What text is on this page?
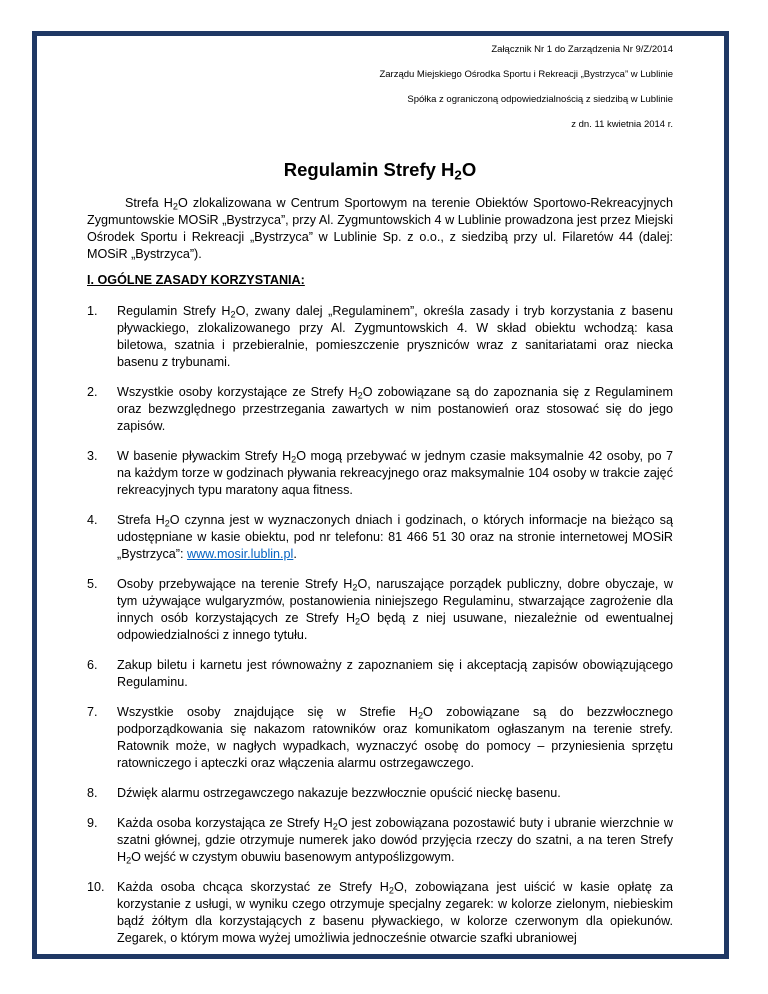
Załącznik Nr 1 do Zarządzenia Nr 9/Z/2014
Zarządu Miejskiego Ośrodka Sportu i Rekreacji „Bystrzyca” w Lublinie
Spółka z ograniczoną odpowiedzialnością z siedzibą w Lublinie
z dn. 11 kwietnia 2014 r.
Regulamin Strefy $H_2O$

Strefa $H_2O$ zlokalizowana w Centrum Sportowym na terenie Obiektów Sportowo-Rekreacyjnych Zygmuntowskie MOSiR „Bystrzyca”, przy Al. Zygmuntowskich 4 w Lublinie prowadzona jest przez Miejski Ośrodek Sportu i Rekreacji „Bystrzyca” w Lublinie Sp. z o.o., z siedzibą przy ul. Filaretów 44 (dalej: MOSiR „Bystrzyca”).

I. OGÓLNE ZASADY KORZYSTANIA:
1.	Regulamin Strefy $H_2O$, zwany dalej „Regulaminem”, określa zasady i tryb korzystania z basenu pływackiego, zlokalizowanego przy Al. Zygmuntowskich 4. W skład obiektu wchodzą: kasa biletowa, szatnia i przebieralnie, pomieszczenie pryszniców wraz z sanitariatami oraz niecka basenu z trybunami.
2.	Wszystkie osoby korzystające ze Strefy $H_2O$ zobowiązane są do zapoznania się z Regulaminem oraz bezwzględnego przestrzegania zawartych w nim postanowień oraz stosować się do jego zapisów.
3.	W basenie pływackim Strefy $H_2O$ mogą przebywać w jednym czasie maksymalnie 42 osoby, po 7 na każdym torze w godzinach pływania rekreacyjnego oraz maksymalnie 104 osoby w trakcie zajęć rekreacyjnych typu maratony aqua fitness.
4.	Strefa $H_2O$ czynna jest w wyznaczonych dniach i godzinach, o których informacje na bieżąco są udostępniane w kasie obiektu, pod nr telefonu: 81 466 51 30 oraz na stronie internetowej MOSiR „Bystrzyca”: www.mosir.lublin.pl.
5.	Osoby przebywające na terenie Strefy $H_2O$, naruszające porządek publiczny, dobre obyczaje, w tym używające wulgaryzmów, postanowienia niniejszego Regulaminu, stwarzające zagrożenie dla innych osób korzystających ze Strefy $H_2O$ będą z niej usuwane, niezależnie od ewentualnej odpowiedzialności z innego tytułu.
6.	Zakup biletu i karnetu jest równoważny z zapoznaniem się i akceptacją zapisów obowiązującego Regulaminu.
7.	Wszystkie osoby znajdujące się w Strefie $H_2O$ zobowiązane są do bezzwłocznego podporządkowania się nakazom ratowników oraz komunikatom ogłaszanym na terenie strefy. Ratownik może, w nagłych wypadkach, wyznaczyć osobę do pomocy – przyniesienia sprzętu ratowniczego i apteczki oraz włączenia alarmu ostrzegawczego.
8.	Dźwięk alarmu ostrzegawczego nakazuje bezzwłocznie opuścić nieckę basenu.
9.	Każda osoba korzystająca ze Strefy $H_2O$ jest zobowiązana pozostawić buty i ubranie wierzchnie w szatni głównej, gdzie otrzymuje numerek jako dowód przyjęcia rzeczy do szatni, a na teren Strefy $H_2O$ wejść w czystym obuwiu basenowym antypoślizgowym.
10. Każda osoba chcąca skorzystać ze Strefy $H_2O$, zobowiązana jest uiścić w kasie opłatę za korzystanie z usługi, w wyniku czego otrzymuje specjalny zegarek: w kolorze zielonym, niebieskim bądź żółtym dla korzystających z basenu pływackiego, w kolorze czerwonym dla opiekunów. Zegarek, o którym mowa wyżej umożliwia jednocześnie otwarcie szafki ubraniowej
